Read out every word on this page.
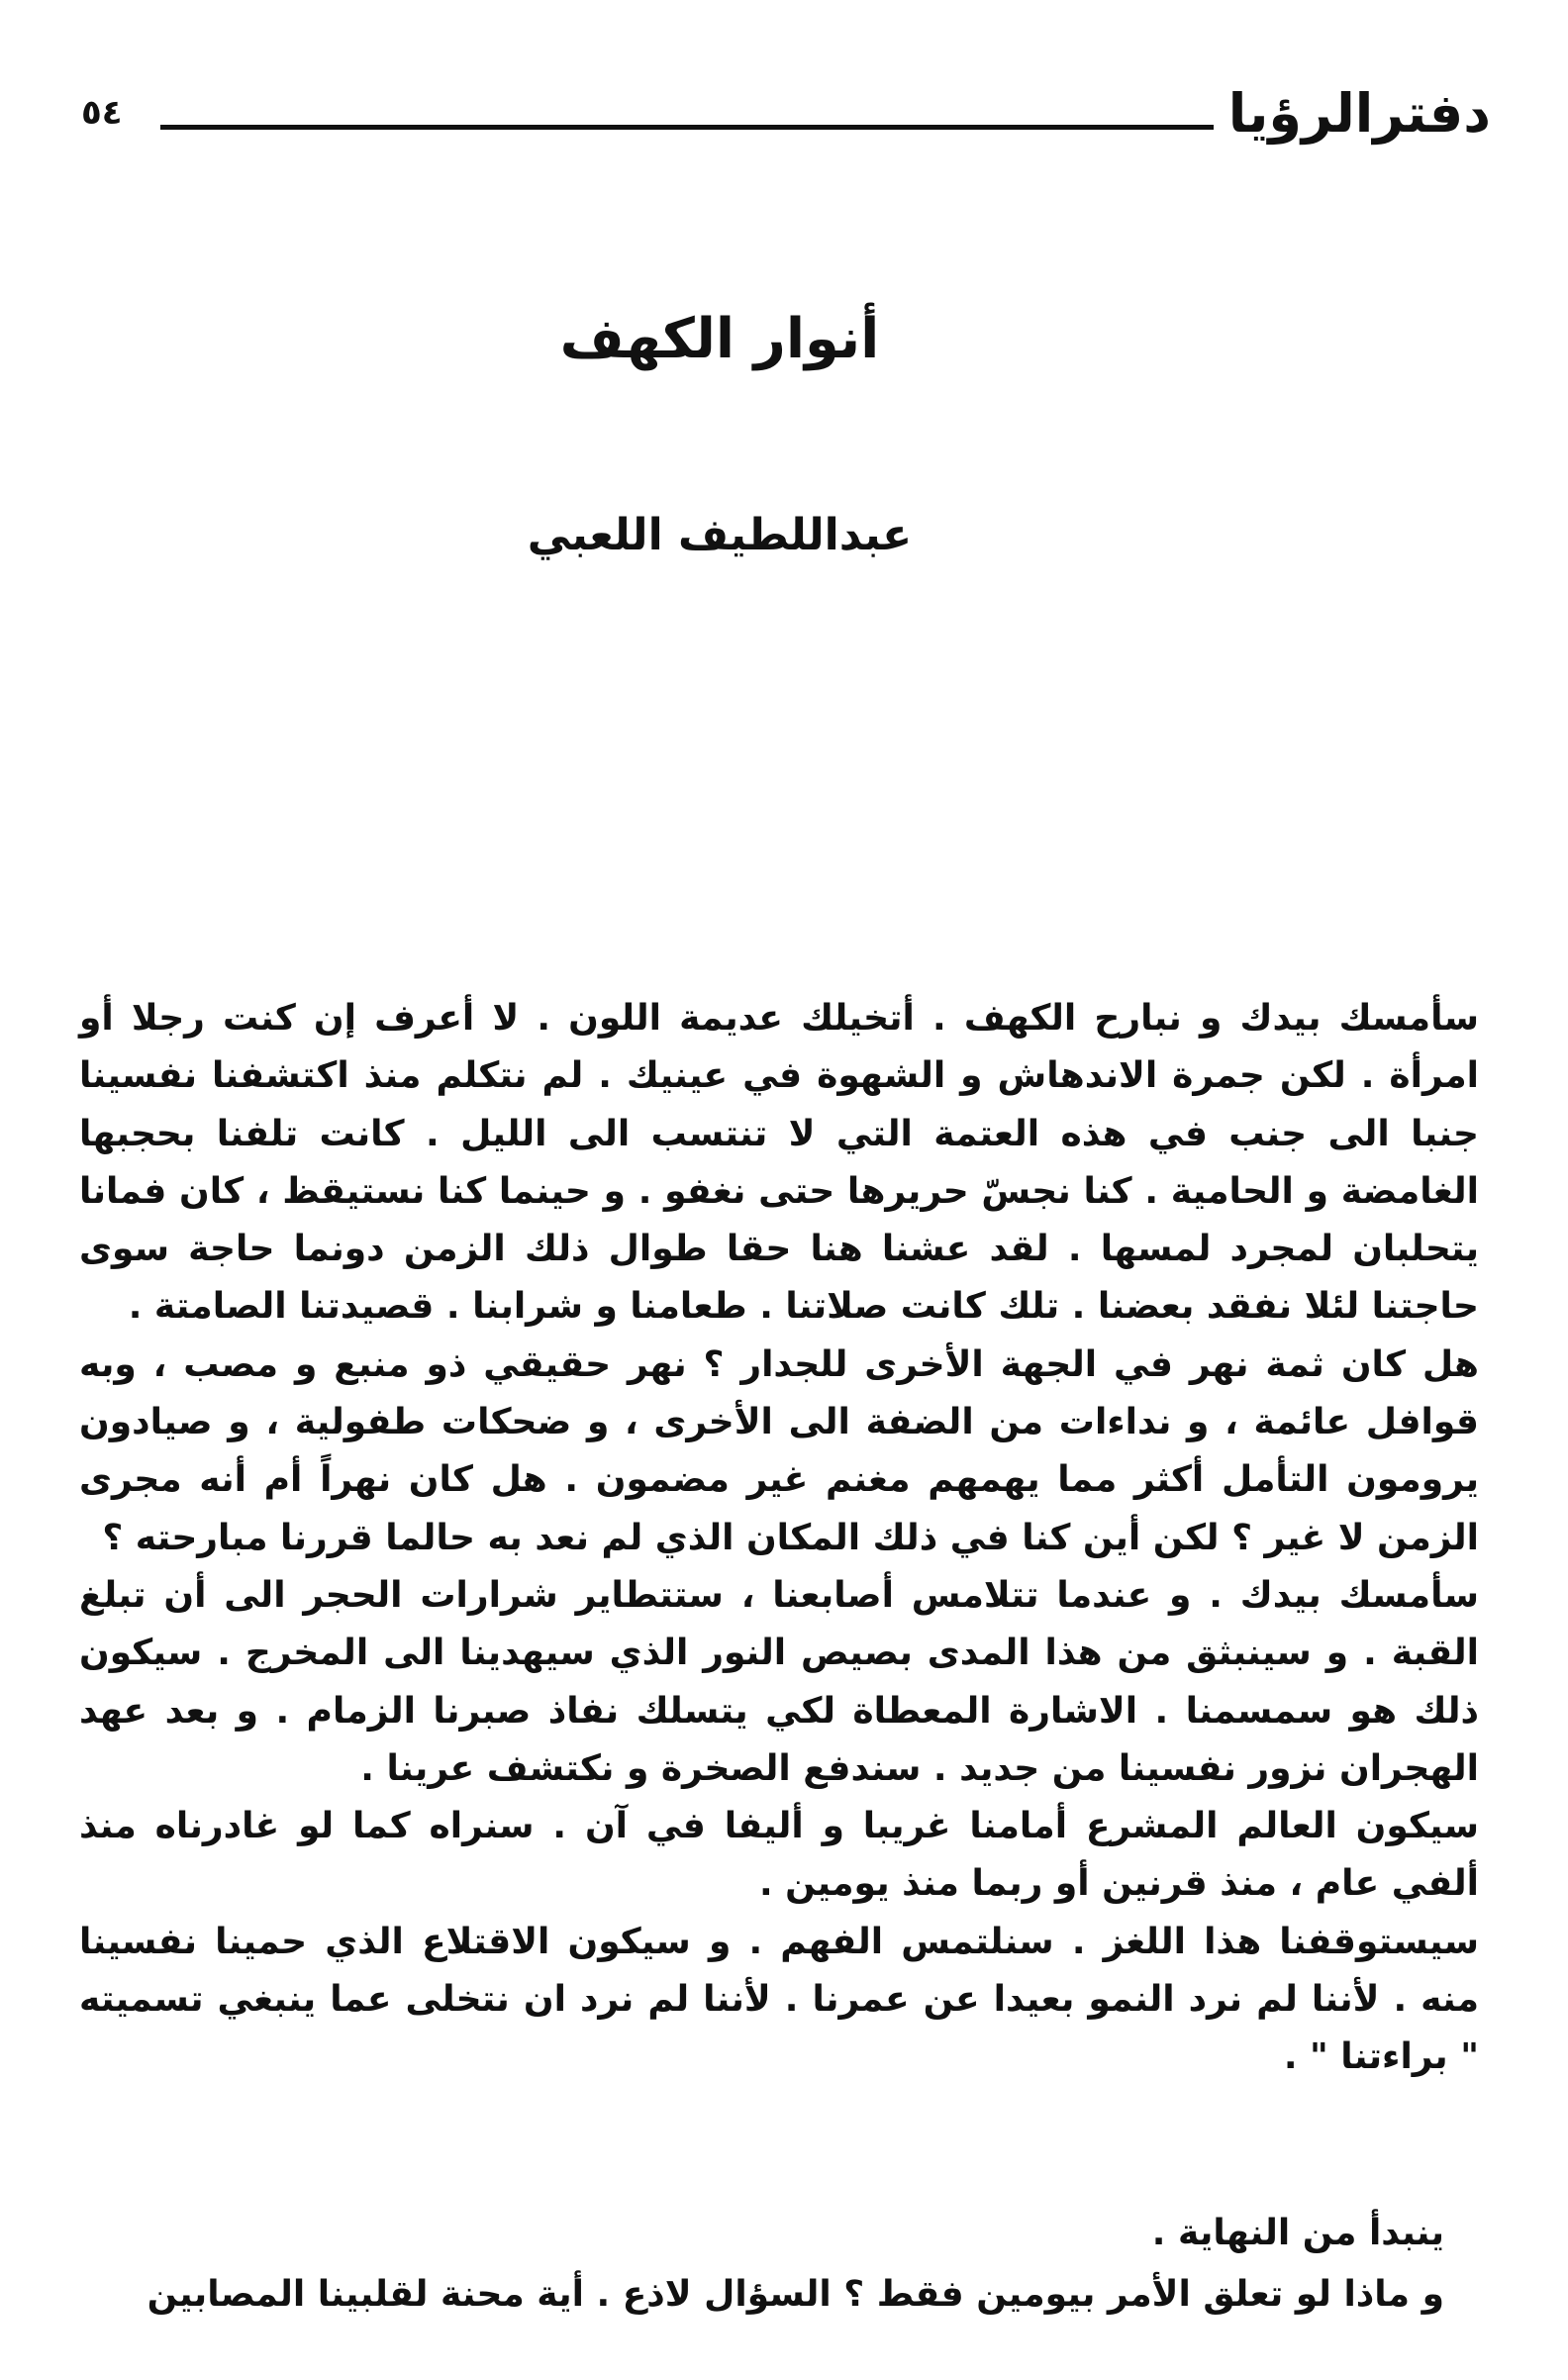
دفترالرؤيا
٥٤
أنوار الكهف
عبداللطيف اللعبي

سأمسك بيدك و نبارح الكهف . أتخيلك عديمة اللون . لا أعرف إن كنت رجلا أو امرأة . لكن جمرة الاندهاش و الشهوة في عينيك . لم نتكلم منذ اكتشفنا نفسينا جنبا الى جنب في هذه العتمة التي لا تنتسب الى الليل . كانت تلفنا بحجبها الغامضة و الحامية . كنا نجسّ حريرها حتى نغفو . و حينما كنا نستيقظ ، كان فمانا يتحلبان لمجرد لمسها . لقد عشنا هنا حقا طوال ذلك الزمن دونما حاجة سوى حاجتنا لئلا نفقد بعضنا . تلك كانت صلاتنا . طعامنا و شرابنا . قصيدتنا الصامتة .

هل كان ثمة نهر في الجهة الأخرى للجدار ؟ نهر حقيقي ذو منبع و مصب ، وبه قوافل عائمة ، و نداءات من الضفة الى الأخرى ، و ضحكات طفولية ، و صيادون يرومون التأمل أكثر مما يهمهم مغنم غير مضمون . هل كان نهراً أم أنه مجرى الزمن لا غير ؟ لكن أين كنا في ذلك المكان الذي لم نعد به حالما قررنا مبارحته ؟

سأمسك بيدك . و عندما تتلامس أصابعنا ، ستتطاير شرارات الحجر الى أن تبلغ القبة . و سينبثق من هذا المدى بصيص النور الذي سيهدينا الى المخرج . سيكون ذلك هو سمسمنا . الاشارة المعطاة لكي يتسلك نفاذ صبرنا الزمام . و بعد عهد الهجران نزور نفسينا من جديد . سندفع الصخرة و نكتشف عرينا .

سيكون العالم المشرع أمامنا غريبا و أليفا في آن . سنراه كما لو غادرناه منذ ألفي عام ، منذ قرنين أو ربما منذ يومين .

سيستوقفنا هذا اللغز . سنلتمس الفهم . و سيكون الاقتلاع الذي حمينا نفسينا منه . لأننا لم نرد النمو بعيدا عن عمرنا . لأننا لم نرد ان نتخلى عما ينبغي تسميته " براءتنا " .

ينبدأ من النهاية .

و ماذا لو تعلق الأمر بيومين فقط ؟ السؤال لاذع . أية محنة لقلبينا المصابين
